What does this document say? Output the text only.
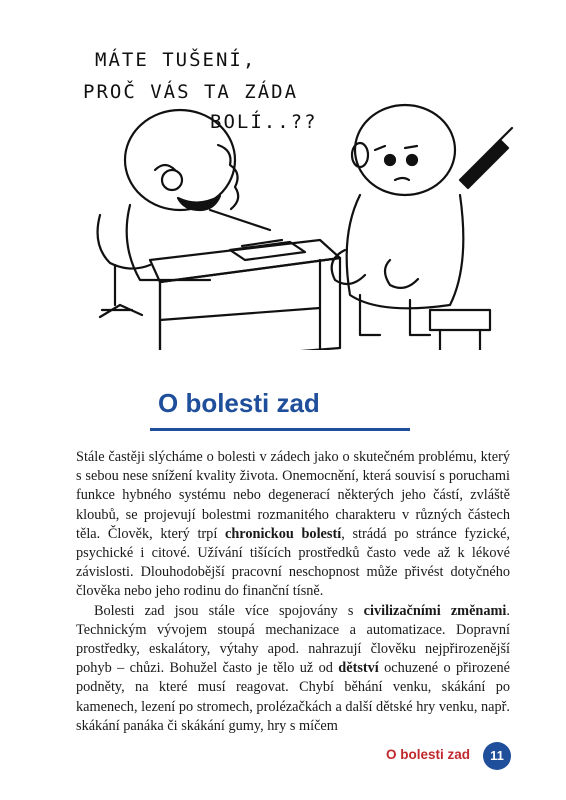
MÁTE TUŠENÍ,
PROČ VÁS TA ZÁDA
BOLÍ..??
O bolesti zad

Stále častěji slýcháme o bolesti v zádech jako o skutečném problému, který s sebou nese snížení kvality života. Onemocnění, která souvisí s poruchami funkce hybného systému nebo degenerací některých jeho částí, zvláště kloubů, se projevují bolestmi rozmanitého charakteru v různých částech těla. Člověk, který trpí chronickou bolestí, strádá po stránce fyzické, psychické i citové. Užívání tišících prostředků často vede až k lékové závislosti. Dlouhodobější pracovní neschopnost může přivést dotyčného člověka nebo jeho rodinu do finanční tísně.

Bolesti zad jsou stále více spojovány s civilizačními změnami. Technickým vývojem stoupá mechanizace a automatizace. Dopravní prostředky, eskalátory, výtahy apod. nahrazují člověku nejpřirozenější pohyb – chůzi. Bohužel často je tělo už od dětství ochuzené o přirozené podněty, na které musí reagovat. Chybí běhání venku, skákání po kamenech, lezení po stromech, prolézačkách a další dětské hry venku, např. skákání panáka či skákání gumy, hry s míčem

O bolesti zad	11
